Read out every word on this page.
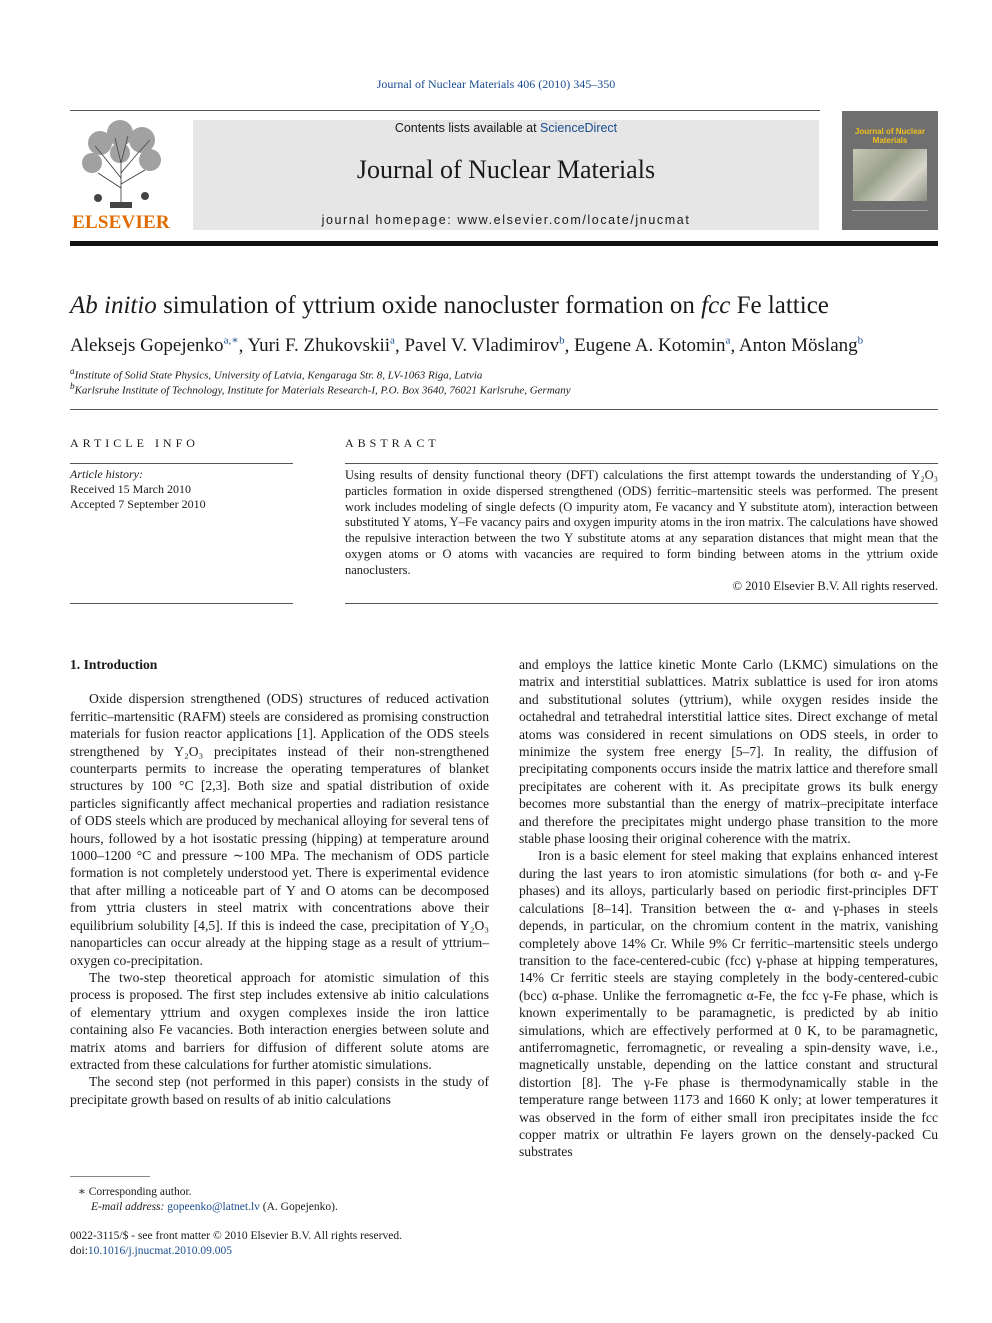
Journal of Nuclear Materials 406 (2010) 345–350
ELSEVIER
Contents lists available at ScienceDirect
Journal of Nuclear Materials
journal homepage: www.elsevier.com/locate/jnucmat
Journal of Nuclear Materials
Ab initio simulation of yttrium oxide nanocluster formation on fcc Fe lattice
Aleksejs Gopejenko$^{a,∗}$, Yuri F. Zhukovskii$^a$, Pavel V. Vladimirov$^b$, Eugene A. Kotomin$^a$, Anton Möslang$^b$
$^a$Institute of Solid State Physics, University of Latvia, Kengaraga Str. 8, LV-1063 Riga, Latvia
$^b$Karlsruhe Institute of Technology, Institute for Materials Research-I, P.O. Box 3640, 76021 Karlsruhe, Germany
ARTICLE INFO
Article history:
Received 15 March 2010
Accepted 7 September 2010
ABSTRACT
Using results of density functional theory (DFT) calculations the first attempt towards the understanding of Y₂O₃ particles formation in oxide dispersed strengthened (ODS) ferritic–martensitic steels was performed. The present work includes modeling of single defects (O impurity atom, Fe vacancy and Y substitute atom), interaction between substituted Y atoms, Y–Fe vacancy pairs and oxygen impurity atoms in the iron matrix. The calculations have showed the repulsive interaction between the two Y substitute atoms at any separation distances that might mean that the oxygen atoms or O atoms with vacancies are required to form binding between atoms in the yttrium oxide nanoclusters.
© 2010 Elsevier B.V. All rights reserved.

1. Introduction

Oxide dispersion strengthened (ODS) structures of reduced activation ferritic–martensitic (RAFM) steels are considered as promising construction materials for fusion reactor applications [1]. Application of the ODS steels strengthened by Y₂O₃ precipitates instead of their non-strengthened counterparts permits to increase the operating temperatures of blanket structures by 100 °C [2,3]. Both size and spatial distribution of oxide particles significantly affect mechanical properties and radiation resistance of ODS steels which are produced by mechanical alloying for several tens of hours, followed by a hot isostatic pressing (hipping) at temperature around 1000–1200 °C and pressure ∼100 MPa. The mechanism of ODS particle formation is not completely understood yet. There is experimental evidence that after milling a noticeable part of Y and O atoms can be decomposed from yttria clusters in steel matrix with concentrations above their equilibrium solubility [4,5]. If this is indeed the case, precipitation of Y₂O₃ nanoparticles can occur already at the hipping stage as a result of yttrium–oxygen co-precipitation.

The two-step theoretical approach for atomistic simulation of this process is proposed. The first step includes extensive ab initio calculations of elementary yttrium and oxygen complexes inside the iron lattice containing also Fe vacancies. Both interaction energies between solute and matrix atoms and barriers for diffusion of different solute atoms are extracted from these calculations for further atomistic simulations.

The second step (not performed in this paper) consists in the study of precipitate growth based on results of ab initio calculations

and employs the lattice kinetic Monte Carlo (LKMC) simulations on the matrix and interstitial sublattices. Matrix sublattice is used for iron atoms and substitutional solutes (yttrium), while oxygen resides inside the octahedral and tetrahedral interstitial lattice sites. Direct exchange of metal atoms was considered in recent simulations on ODS steels, in order to minimize the system free energy [5–7]. In reality, the diffusion of precipitating components occurs inside the matrix lattice and therefore small precipitates are coherent with it. As precipitate grows its bulk energy becomes more substantial than the energy of matrix–precipitate interface and therefore the precipitates might undergo phase transition to the more stable phase loosing their original coherence with the matrix.

Iron is a basic element for steel making that explains enhanced interest during the last years to iron atomistic simulations (for both α- and γ-Fe phases) and its alloys, particularly based on periodic first-principles DFT calculations [8–14]. Transition between the α- and γ-phases in steels depends, in particular, on the chromium content in the matrix, vanishing completely above 14% Cr. While 9% Cr ferritic–martensitic steels undergo transition to the face-centered-cubic (fcc) γ-phase at hipping temperatures, 14% Cr ferritic steels are staying completely in the body-centered-cubic (bcc) α-phase. Unlike the ferromagnetic α-Fe, the fcc γ-Fe phase, which is known experimentally to be paramagnetic, is predicted by ab initio simulations, which are effectively performed at 0 K, to be paramagnetic, antiferromagnetic, ferromagnetic, or revealing a spin-density wave, i.e., magnetically unstable, depending on the lattice constant and structural distortion [8]. The γ-Fe phase is thermodynamically stable in the temperature range between 1173 and 1660 K only; at lower temperatures it was observed in the form of either small iron precipitates inside the fcc copper matrix or ultrathin Fe layers grown on the densely-packed Cu substrates

∗ Corresponding author.
E-mail address: gopeenko@latnet.lv (A. Gopejenko).
0022-3115/$ - see front matter © 2010 Elsevier B.V. All rights reserved.
doi:10.1016/j.jnucmat.2010.09.005
